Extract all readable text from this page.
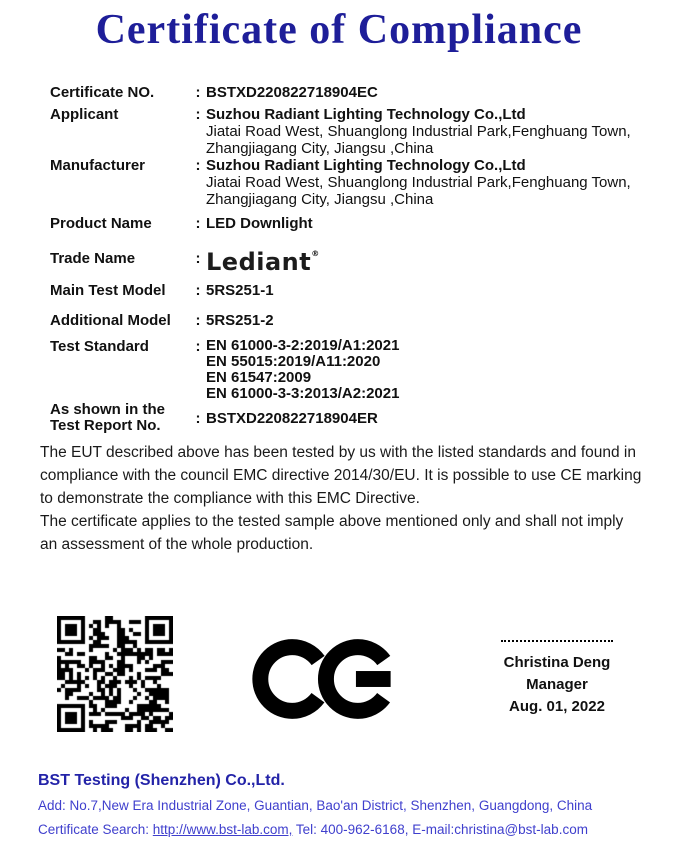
Certificate of Compliance
Certificate NO.	: BSTXD220822718904EC
Applicant	: Suzhou Radiant Lighting Technology Co.,Ltd
Jiatai Road West, Shuanglong Industrial Park,Fenghuang Town,
Zhangjiagang City, Jiangsu ,China
Manufacturer	: Suzhou Radiant Lighting Technology Co.,Ltd
Jiatai Road West, Shuanglong Industrial Park,Fenghuang Town,
Zhangjiagang City, Jiangsu ,China
Product Name	: LED Downlight
Trade Name	: Lediant®
Main Test Model	: 5RS251-1
Additional Model	: 5RS251-2
Test Standard	: EN 61000-3-2:2019/A1:2021
EN 55015:2019/A11:2020
EN 61547:2009
EN 61000-3-3:2013/A2:2021
As shown in the
Test Report No.	: BSTXD220822718904ER
The EUT described above has been tested by us with the listed standards and found in compliance with the council EMC directive 2014/30/EU. It is possible to use CE marking to demonstrate the compliance with this EMC Directive.
The certificate applies to the tested sample above mentioned only and shall not imply an assessment of the whole production.
Christina Deng
Manager
Aug. 01, 2022
BST Testing (Shenzhen) Co.,Ltd.
Add: No.7,New Era Industrial Zone, Guantian, Bao'an District, Shenzhen, Guangdong, China
Certificate Search: http://www.bst-lab.com, Tel: 400-962-6168, E-mail:christina@bst-lab.com
